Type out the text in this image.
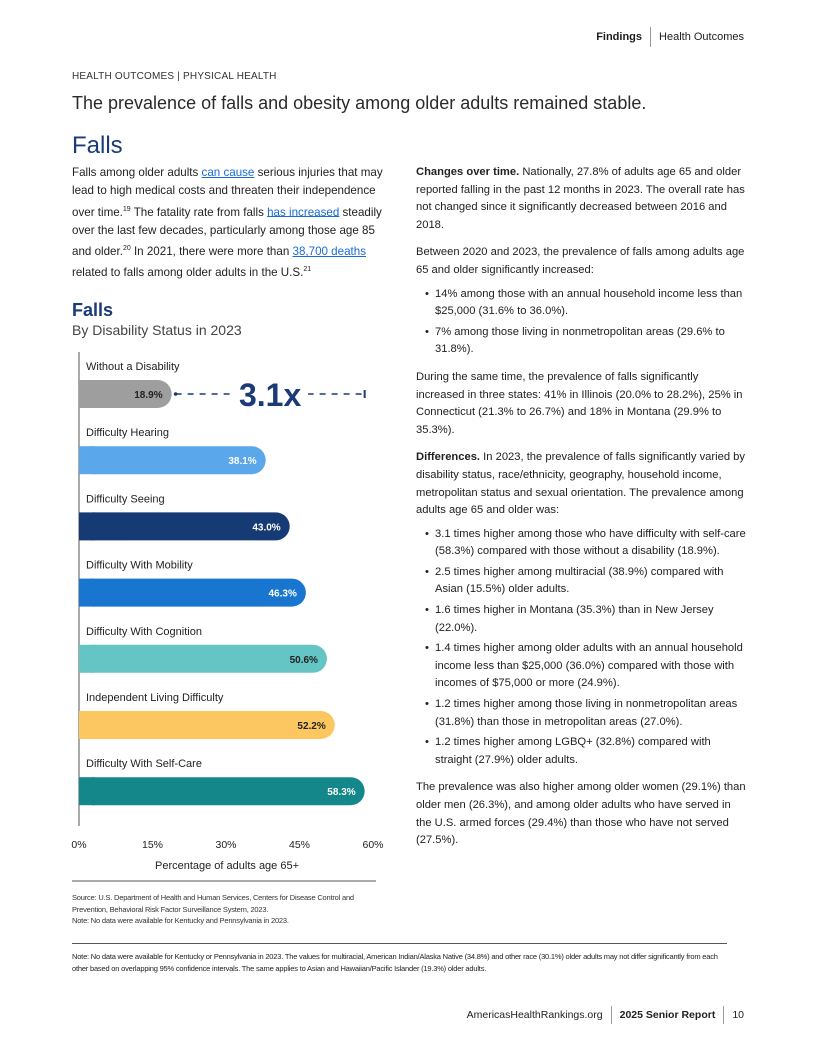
Findings Health Outcomes
HEALTH OUTCOMES | PHYSICAL HEALTH
The prevalence of falls and obesity among older adults remained stable.
Falls
Falls among older adults can cause serious injuries that may lead to high medical costs and threaten their independence over time.$^{19}$ The fatality rate from falls has increased steadily over the last few decades, particularly among those age 85 and older.$^{20}$ In 2021, there were more than 38,700 deaths related to falls among older adults in the U.S.$^{21}$
Falls
By Disability Status in 2023
Without a Disability
18.9%
Difficulty Hearing
38.1%
Difficulty Seeing
43.0%
Difficulty With Mobility
46.3%
Difficulty With Cognition
50.6%
Independent Living Difficulty
52.2%
Difficulty With Self-Care
58.3%
3.1x
0%	15%	30%	45%	60%
Percentage of adults age 65+
Source: U.S. Department of Health and Human Services, Centers for Disease Control and Prevention, Behavioral Risk Factor Surveillance System, 2023.
Note: No data were available for Kentucky and Pennsylvania in 2023.

Changes over time. Nationally, 27.8% of adults age 65 and older reported falling in the past 12 months in 2023. The overall rate has not changed since it significantly decreased between 2016 and 2018.

Between 2020 and 2023, the prevalence of falls among adults age 65 and older significantly increased:

• 14% among those with an annual household income less than $25,000 (31.6% to 36.0%).
• 7% among those living in nonmetropolitan areas (29.6% to 31.8%).

During the same time, the prevalence of falls significantly increased in three states: 41% in Illinois (20.0% to 28.2%), 25% in Connecticut (21.3% to 26.7%) and 18% in Montana (29.9% to 35.3%).

Differences. In 2023, the prevalence of falls significantly varied by disability status, race/ethnicity, geography, household income, metropolitan status and sexual orientation. The prevalence among adults age 65 and older was:

• 3.1 times higher among those who have difficulty with self-care (58.3%) compared with those without a disability (18.9%).
• 2.5 times higher among multiracial (38.9%) compared with Asian (15.5%) older adults.
• 1.6 times higher in Montana (35.3%) than in New Jersey (22.0%).
• 1.4 times higher among older adults with an annual household income less than $25,000 (36.0%) compared with those with incomes of $75,000 or more (24.9%).
• 1.2 times higher among those living in nonmetropolitan areas (31.8%) than those in metropolitan areas (27.0%).
• 1.2 times higher among LGBQ+ (32.8%) compared with straight (27.9%) older adults.

The prevalence was also higher among older women (29.1%) than older men (26.3%), and among older adults who have served in the U.S. armed forces (29.4%) than those who have not served (27.5%).

Note: No data were available for Kentucky or Pennsylvania in 2023. The values for multiracial, American Indian/Alaska Native (34.8%) and other race (30.1%) older adults may not differ significantly from each other based on overlapping 95% confidence intervals. The same applies to Asian and Hawaiian/Pacific Islander (19.3%) older adults.
AmericasHealthRankings.org 2025 Senior Report 10
